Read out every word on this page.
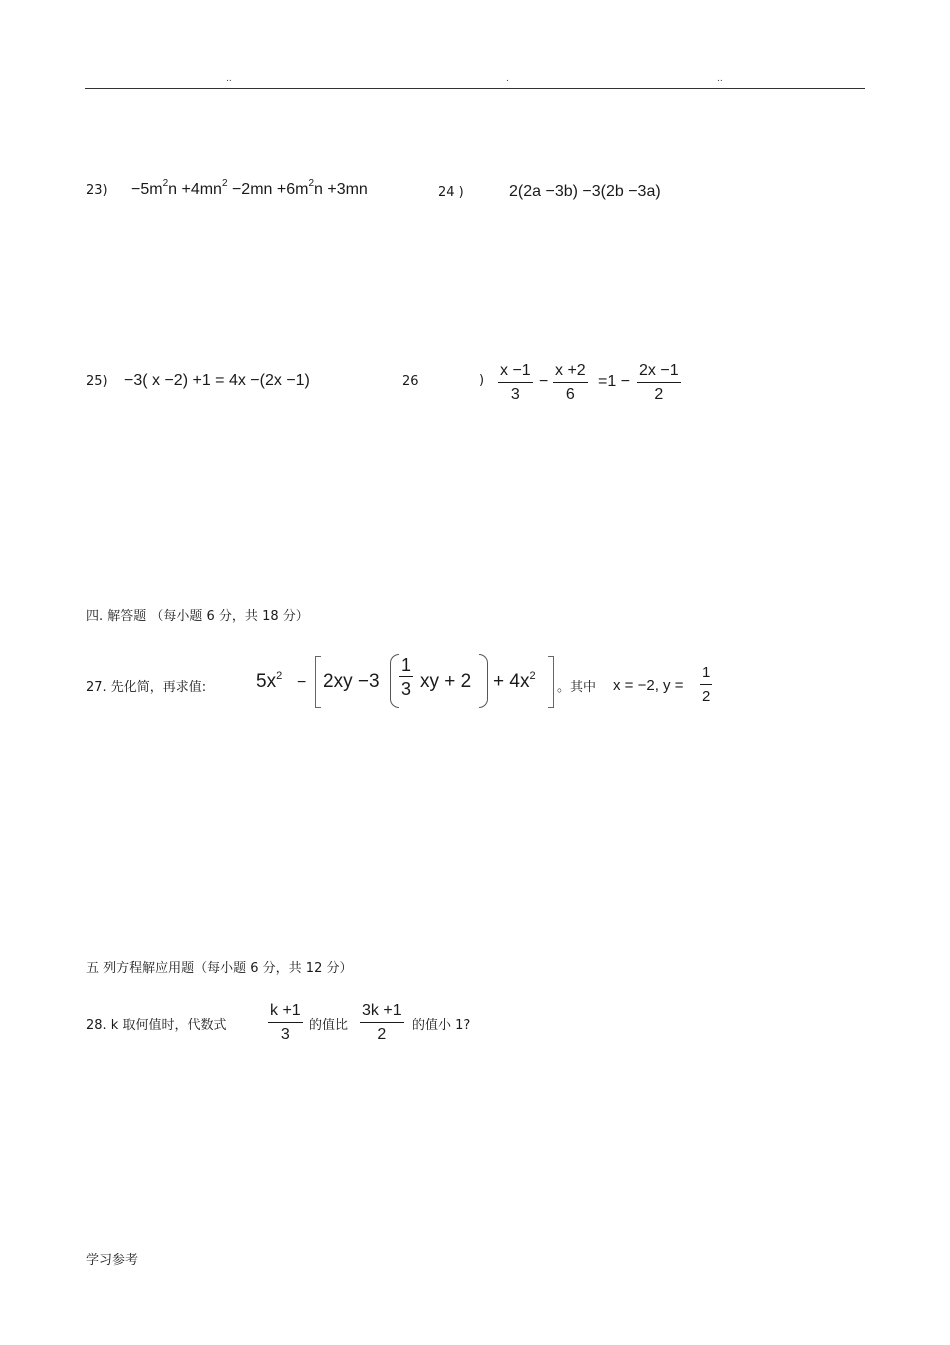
..	.	..
$23) -5m^2n +4mn^2 -2mn +6m^2n +3mn$	24 )	2(2a −3b) −3(2b −3a)
25) −3( x −2) +1 = 4x −(2x −1)	26	) $\frac{x -1}{3} - \frac{x +2}{6} =1 - \frac{2x -1}{2}$
四. 解答题 （每小题 6 分，共 18 分）
27. 先化简，再求值:	$5x^2 - 2xy -3 \frac{1}{3}$ xy + $2 + 4x^2$
。其中 x = −2, $y = \frac{1}{2}$
五 列方程解应用题（每小题 6 分，共 12 分）
28. k 取何值时，代数式	$\frac{k +1}{3}$ 的值比 $\frac{3k +1}{2}$ 的值小 1?
学习参考
